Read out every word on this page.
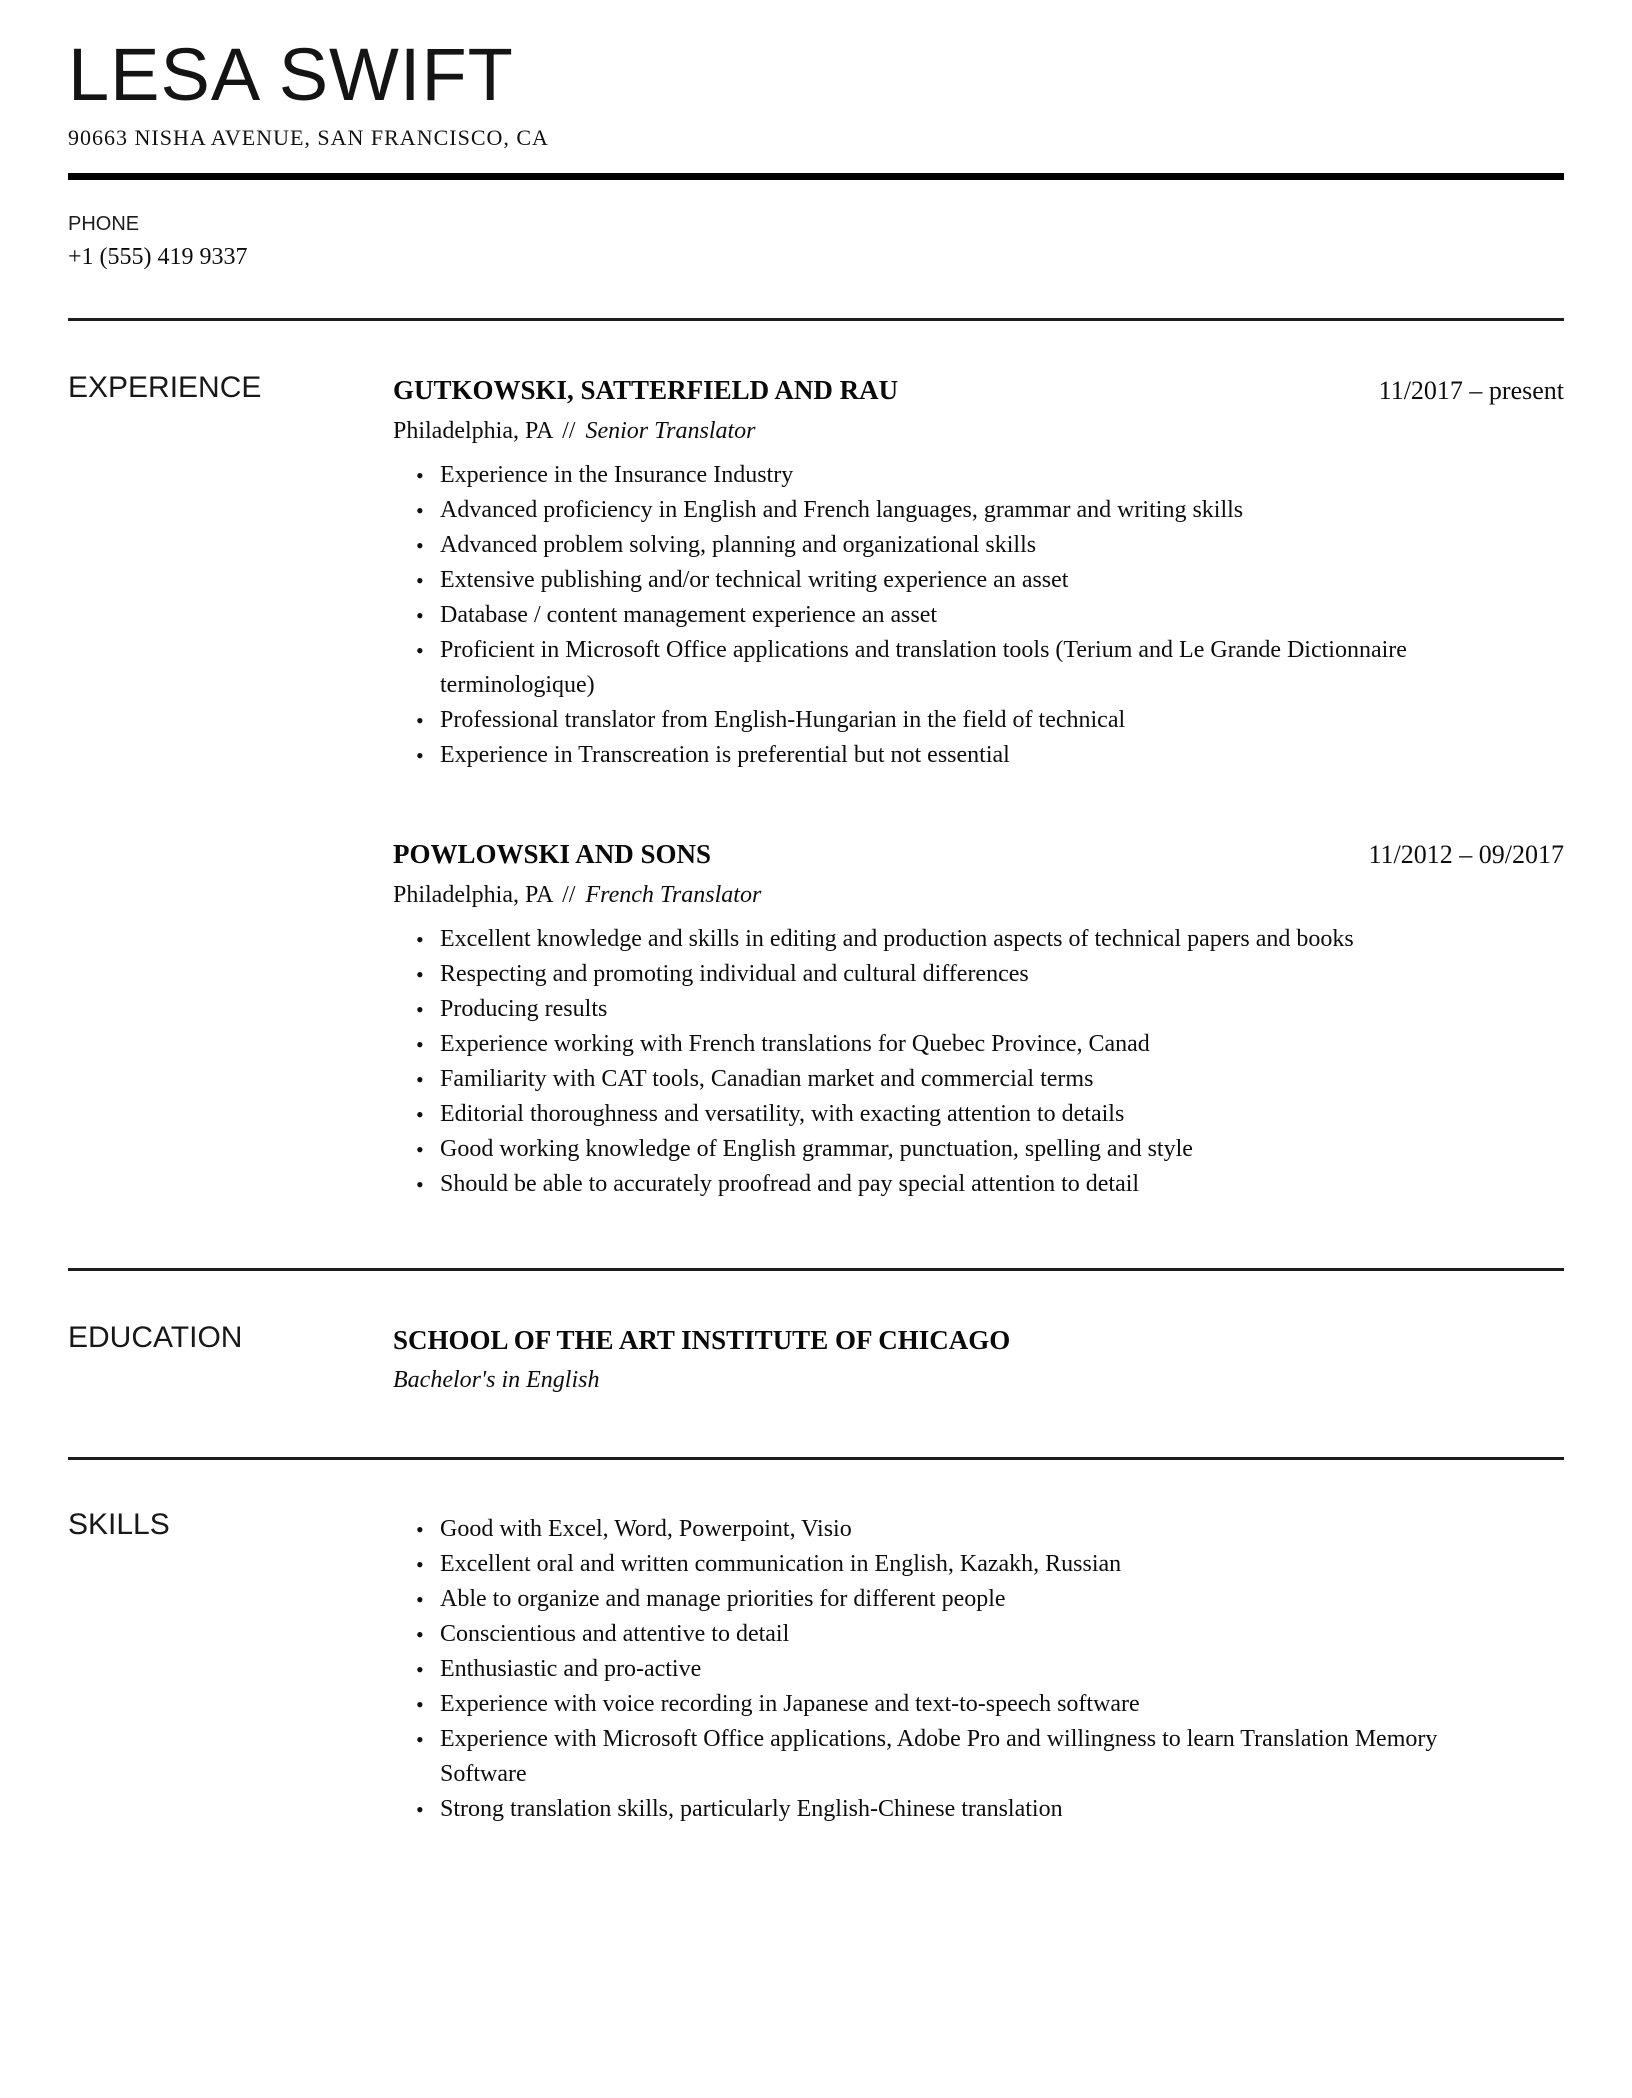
LESA SWIFT
90663 NISHA AVENUE, SAN FRANCISCO, CA
PHONE
+1 (555) 419 9337
EXPERIENCE	GUTKOWSKI, SATTERFIELD AND RAU	11/2017 – present
Philadelphia, PA // Senior Translator
• Experience in the Insurance Industry
• Advanced proficiency in English and French languages, grammar and writing skills
• Advanced problem solving, planning and organizational skills
• Extensive publishing and/or technical writing experience an asset
• Database / content management experience an asset
• Proficient in Microsoft Office applications and translation tools (Terium and Le Grande Dictionnaire terminologique)
• Professional translator from English-Hungarian in the field of technical
• Experience in Transcreation is preferential but not essential
POWLOWSKI AND SONS	11/2012 – 09/2017
Philadelphia, PA // French Translator
• Excellent knowledge and skills in editing and production aspects of technical papers and books
• Respecting and promoting individual and cultural differences
• Producing results
• Experience working with French translations for Quebec Province, Canad
• Familiarity with CAT tools, Canadian market and commercial terms
• Editorial thoroughness and versatility, with exacting attention to details
• Good working knowledge of English grammar, punctuation, spelling and style
• Should be able to accurately proofread and pay special attention to detail
EDUCATION	SCHOOL OF THE ART INSTITUTE OF CHICAGO
Bachelor's in English
SKILLS	• Good with Excel, Word, Powerpoint, Visio
• Excellent oral and written communication in English, Kazakh, Russian
• Able to organize and manage priorities for different people
• Conscientious and attentive to detail
• Enthusiastic and pro-active
• Experience with voice recording in Japanese and text-to-speech software
• Experience with Microsoft Office applications, Adobe Pro and willingness to learn Translation Memory Software
• Strong translation skills, particularly English-Chinese translation
